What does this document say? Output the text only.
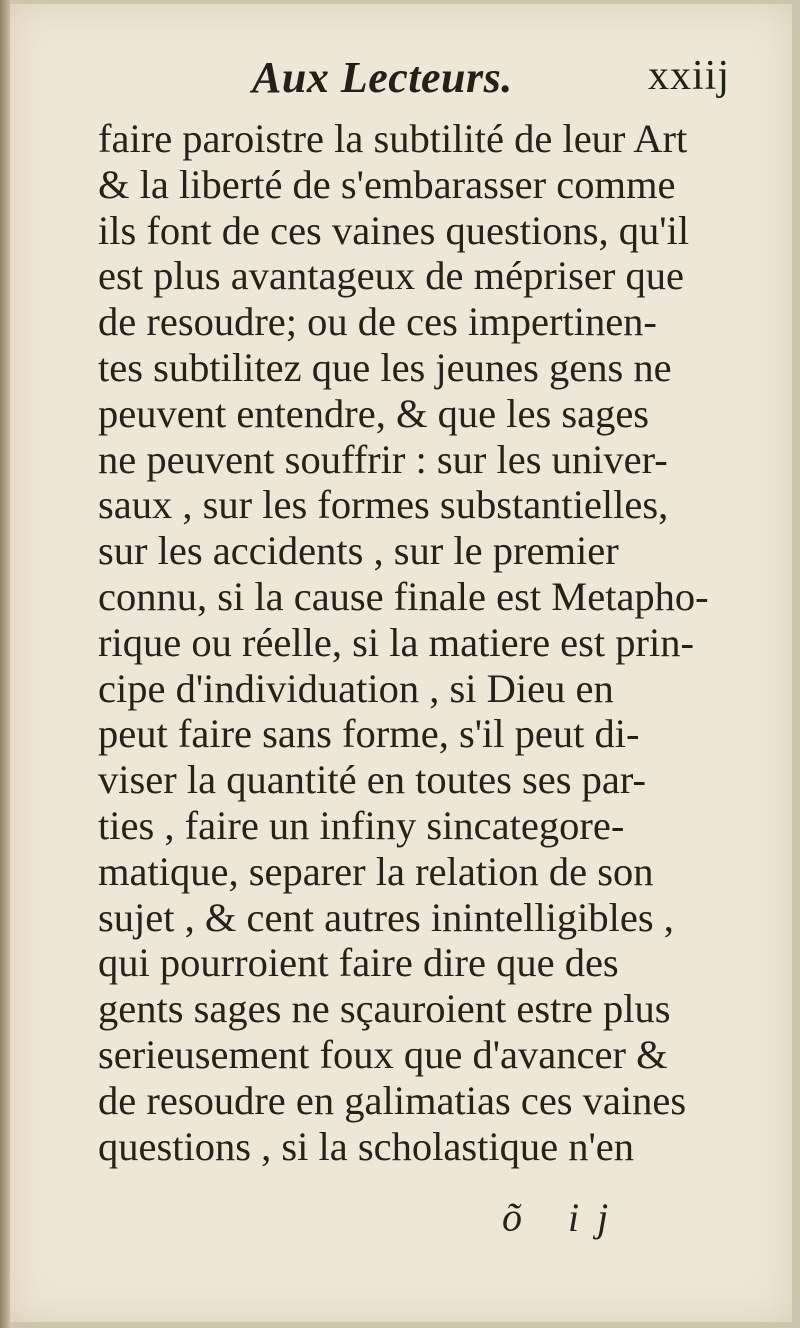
Aux Lecteurs.	xxiij
faire paroistre la subtilité de leur Art
& la liberté de s'embarasser comme
ils font de ces vaines questions, qu'il
est plus avantageux de mépriser que
de resoudre; ou de ces impertinen-
tes subtilitez que les jeunes gens ne
peuvent entendre, & que les sages
ne peuvent souffrir : sur les univer-
saux , sur les formes substantielles,
sur les accidents , sur le premier
connu, si la cause finale est Metapho-
rique ou réelle, si la matiere est prin-
cipe d'individuation , si Dieu en
peut faire sans forme, s'il peut di-
viser la quantité en toutes ses par-
ties , faire un infiny sincategore-
matique, separer la relation de son
sujet , & cent autres inintelligibles ,
qui pourroient faire dire que des
gents sages ne sçauroient estre plus
serieusement foux que d'avancer &
de resoudre en galimatias ces vaines
questions , si la scholastique n'en
õ ij
